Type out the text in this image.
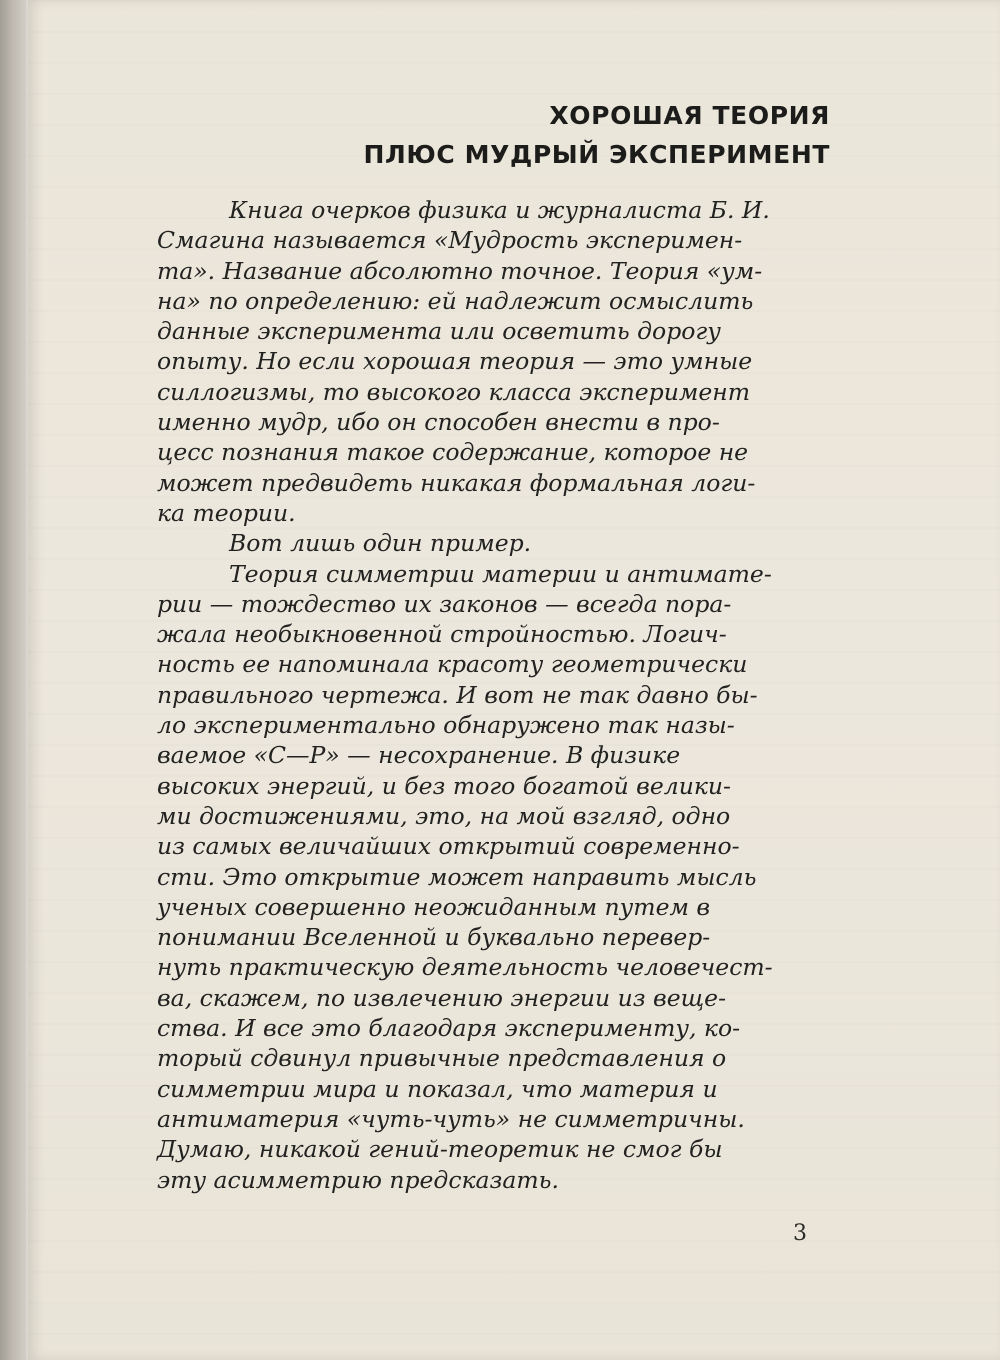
ХОРОШАЯ ТЕОРИЯ
ПЛЮС МУДРЫЙ ЭКСПЕРИМЕНТ
Книга очерков физика и журналиста Б. И.
Смагина называется «Мудрость эксперимен-
та». Название абсолютно точное. Теория «ум-
на» по определению: ей надлежит осмыслить
данные эксперимента или осветить дорогу
опыту. Но если хорошая теория — это умные
силлогизмы, то высокого класса эксперимент
именно мудр, ибо он способен внести в про-
цесс познания такое содержание, которое не
может предвидеть никакая формальная логи-
ка теории.
Вот лишь один пример.
Теория симметрии материи и антимате-
рии — тождество их законов — всегда пора-
жала необыкновенной стройностью. Логич-
ность ее напоминала красоту геометрически
правильного чертежа. И вот не так давно бы-
ло экспериментально обнаружено так назы-
ваемое «С—Р» — несохранение. В физике
высоких энергий, и без того богатой велики-
ми достижениями, это, на мой взгляд, одно
из самых величайших открытий современно-
сти. Это открытие может направить мысль
ученых совершенно неожиданным путем в
понимании Вселенной и буквально перевер-
нуть практическую деятельность человечест-
ва, скажем, по извлечению энергии из веще-
ства. И все это благодаря эксперименту, ко-
торый сдвинул привычные представления о
симметрии мира и показал, что материя и
антиматерия «чуть-чуть» не симметричны.
Думаю, никакой гений-теоретик не смог бы
эту асимметрию предсказать.
3
